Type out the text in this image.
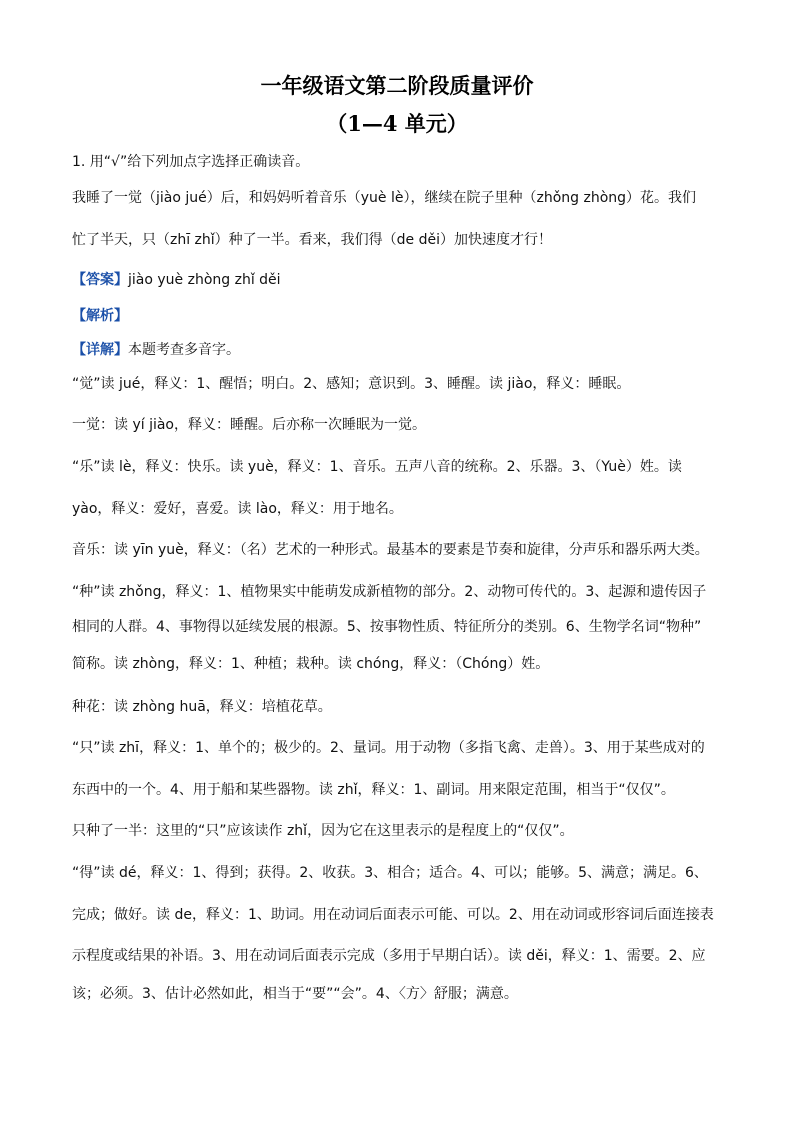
一年级语文第二阶段质量评价
（1—4 单元）
1. 用“√”给下列加点字选择正确读音。
我睡了一觉（jiào jué）后，和妈妈听着音乐（yuè lè），继续在院子里种（zhǒng zhòng）花。我们
忙了半天，只（zhī zhǐ）种了一半。看来，我们得（de děi）加快速度才行！
【答案】jiào yuè zhòng zhǐ děi
【解析】
【详解】本题考查多音字。
“觉”读 jué，释义：1、醒悟；明白。2、感知；意识到。3、睡醒。读 jiào，释义：睡眠。
一觉：读 yí jiào，释义：睡醒。后亦称一次睡眠为一觉。
“乐”读 lè，释义：快乐。读 yuè，释义：1、音乐。五声八音的统称。2、乐器。3、（Yuè）姓。读
yào，释义：爱好，喜爱。读 lào，释义：用于地名。
音乐：读 yīn yuè，释义：（名）艺术的一种形式。最基本的要素是节奏和旋律，分声乐和器乐两大类。
“种”读 zhǒng，释义：1、植物果实中能萌发成新植物的部分。2、动物可传代的。3、起源和遗传因子
相同的人群。4、事物得以延续发展的根源。5、按事物性质、特征所分的类别。6、生物学名词“物种”
简称。读 zhòng，释义：1、种植；栽种。读 chóng，释义：（Chóng）姓。
种花：读 zhòng huā，释义：培植花草。
“只”读 zhī，释义：1、单个的；极少的。2、量词。用于动物（多指飞禽、走兽）。3、用于某些成对的
东西中的一个。4、用于船和某些器物。读 zhǐ，释义：1、副词。用来限定范围，相当于“仅仅”。
只种了一半：这里的“只”应该读作 zhǐ，因为它在这里表示的是程度上的“仅仅”。
“得”读 dé，释义：1、得到；获得。2、收获。3、相合；适合。4、可以；能够。5、满意；满足。6、
完成；做好。读 de，释义：1、助词。用在动词后面表示可能、可以。2、用在动词或形容词后面连接表
示程度或结果的补语。3、用在动词后面表示完成（多用于早期白话）。读 děi，释义：1、需要。2、应
该；必须。3、估计必然如此，相当于“要”“会”。4、〈方〉舒服；满意。
